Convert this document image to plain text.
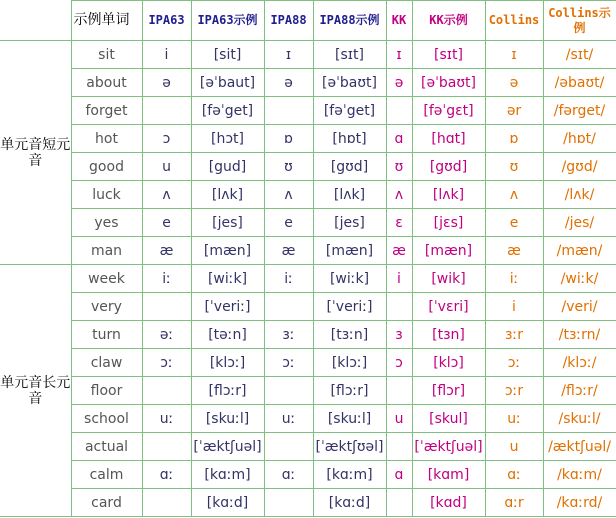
	示例单词	IPA63	IPA63示例	IPA88	IPA88示例	KK	KK示例	Collins	Collins示例
单元音短元音	sit	i	[sit]	ɪ	[sɪt]	ɪ	[sɪt]	ɪ	/sɪt/
	about	ə	[əˈbaut]	ə	[əˈbaʊt]	ə	[əˈbaʊt]	ə	/əbaʊt/
	forget		[fəˈget]		[fəˈget]		[fəˈgɛt]	ər	/fərget/
	hot	ɔ	[hɔt]	ɒ	[hɒt]	ɑ	[hɑt]	ɒ	/hɒt/
	good	u	[gud]	ʊ	[gʊd]	ʊ	[gʊd]	ʊ	/gʊd/
	luck	ʌ	[lʌk]	ʌ	[lʌk]	ʌ	[lʌk]	ʌ	/lʌk/
	yes	e	[jes]	e	[jes]	ɛ	[jɛs]	e	/jes/
	man	æ	[mæn]	æ	[mæn]	æ	[mæn]	æ	/mæn/
单元音长元音	week	iː	[wiːk]	iː	[wiːk]	i	[wik]	iː	/wiːk/
	very		[ˈveriː]		[ˈveriː]		[ˈvɛri]	i	/veri/
	turn	əː	[təːn]	ɜː	[tɜːn]	ɜ	[tɜn]	ɜːr	/tɜːrn/
	claw	ɔː	[klɔː]	ɔː	[klɔː]	ɔ	[klɔ]	ɔː	/klɔː/
	floor		[flɔːr]		[flɔːr]		[flɔr]	ɔːr	/flɔːr/
	school	uː	[skuːl]	uː	[skuːl]	u	[skul]	uː	/skuːl/
	actual		[ˈæktʃuəl]		[ˈæktʃʊəl]		[ˈæktʃuəl]	u	/æktʃuəl/
	calm	ɑː	[kɑːm]	ɑː	[kɑːm]	ɑ	[kɑm]	ɑː	/kɑːm/
	card		[kɑːd]		[kɑːd]		[kɑd]	ɑːr	/kɑːrd/
